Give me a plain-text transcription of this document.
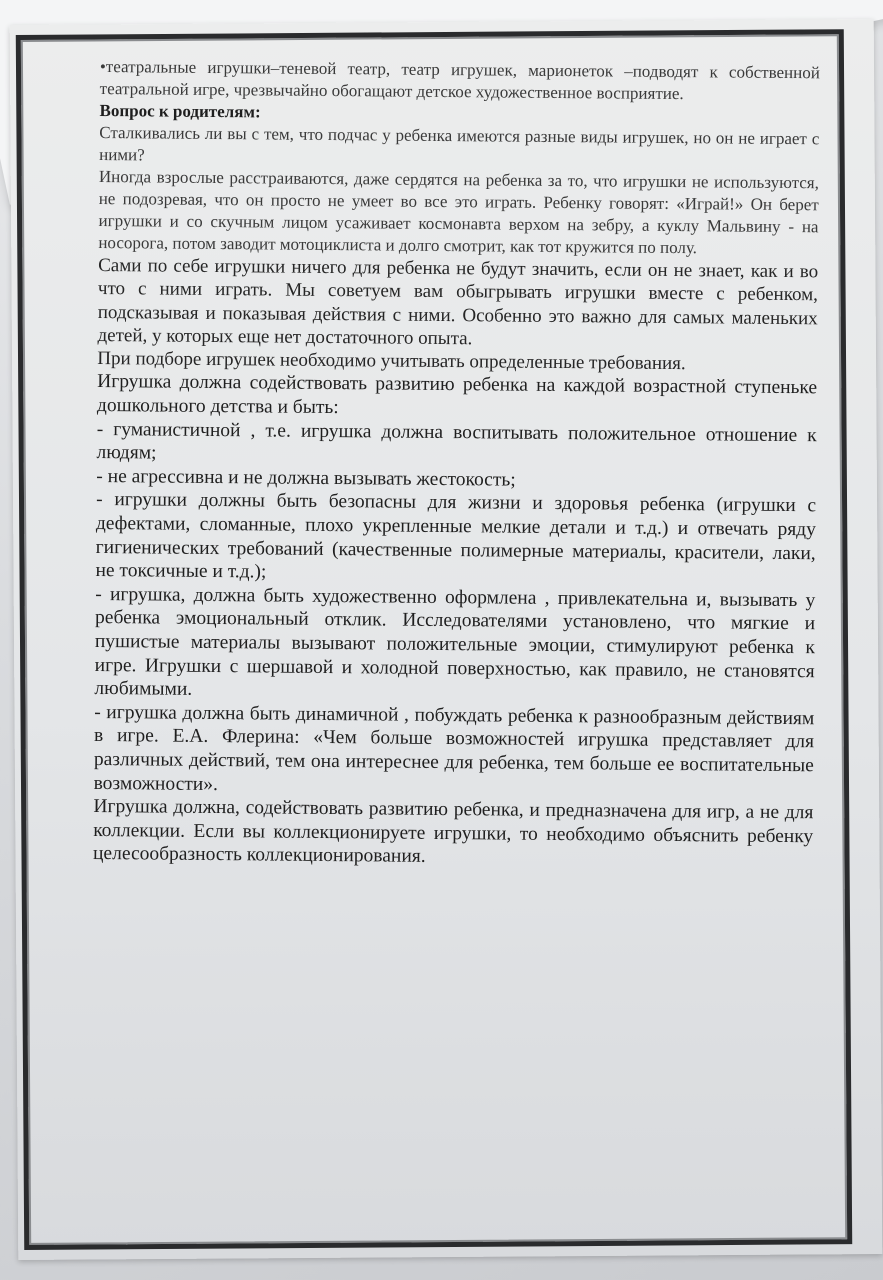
•театральные игрушки–теневой театр, театр игрушек, марионеток –подводят к собственной театральной игре, чрезвычайно обогащают детское художественное восприятие.

Вопрос к родителям:

Сталкивались ли вы с тем, что подчас у ребенка имеются разные виды игрушек, но он не играет с ними?

Иногда взрослые расстраиваются, даже сердятся на ребенка за то, что игрушки не используются, не подозревая, что он просто не умеет во все это играть. Ребенку говорят: «Играй!» Он берет игрушки и со скучным лицом усаживает космонавта верхом на зебру, а куклу Мальвину - на носорога, потом заводит мотоциклиста и долго смотрит, как тот кружится по полу.

Сами по себе игрушки ничего для ребенка не будут значить, если он не знает, как и во что с ними играть. Мы советуем вам обыгрывать игрушки вместе с ребенком, подсказывая и показывая действия с ними. Особенно это важно для самых маленьких детей, у которых еще нет достаточного опыта.

При подборе игрушек необходимо учитывать определенные требования.

Игрушка должна содействовать развитию ребенка на каждой возрастной ступеньке дошкольного детства и быть:

- гуманистичной , т.е. игрушка должна воспитывать положительное отношение к людям;

- не агрессивна и не должна вызывать жестокость;

- игрушки должны быть безопасны для жизни и здоровья ребенка (игрушки с дефектами, сломанные, плохо укрепленные мелкие детали и т.д.) и отвечать ряду гигиенических требований (качественные полимерные материалы, красители, лаки, не токсичные и т.д.);

- игрушка, должна быть художественно оформлена , привлекательна и, вызывать у ребенка эмоциональный отклик. Исследователями установлено, что мягкие и пушистые материалы вызывают положительные эмоции, стимулируют ребенка к игре. Игрушки с шершавой и холодной поверхностью, как правило, не становятся любимыми.

- игрушка должна быть динамичной , побуждать ребенка к разнообразным действиям в игре. Е.А. Флерина: «Чем больше возможностей игрушка представляет для различных действий, тем она интереснее для ребенка, тем больше ее воспитательные возможности».

Игрушка должна, содействовать развитию ребенка, и предназначена для игр, а не для коллекции. Если вы коллекционируете игрушки, то необходимо объяснить ребенку целесообразность коллекционирования.
